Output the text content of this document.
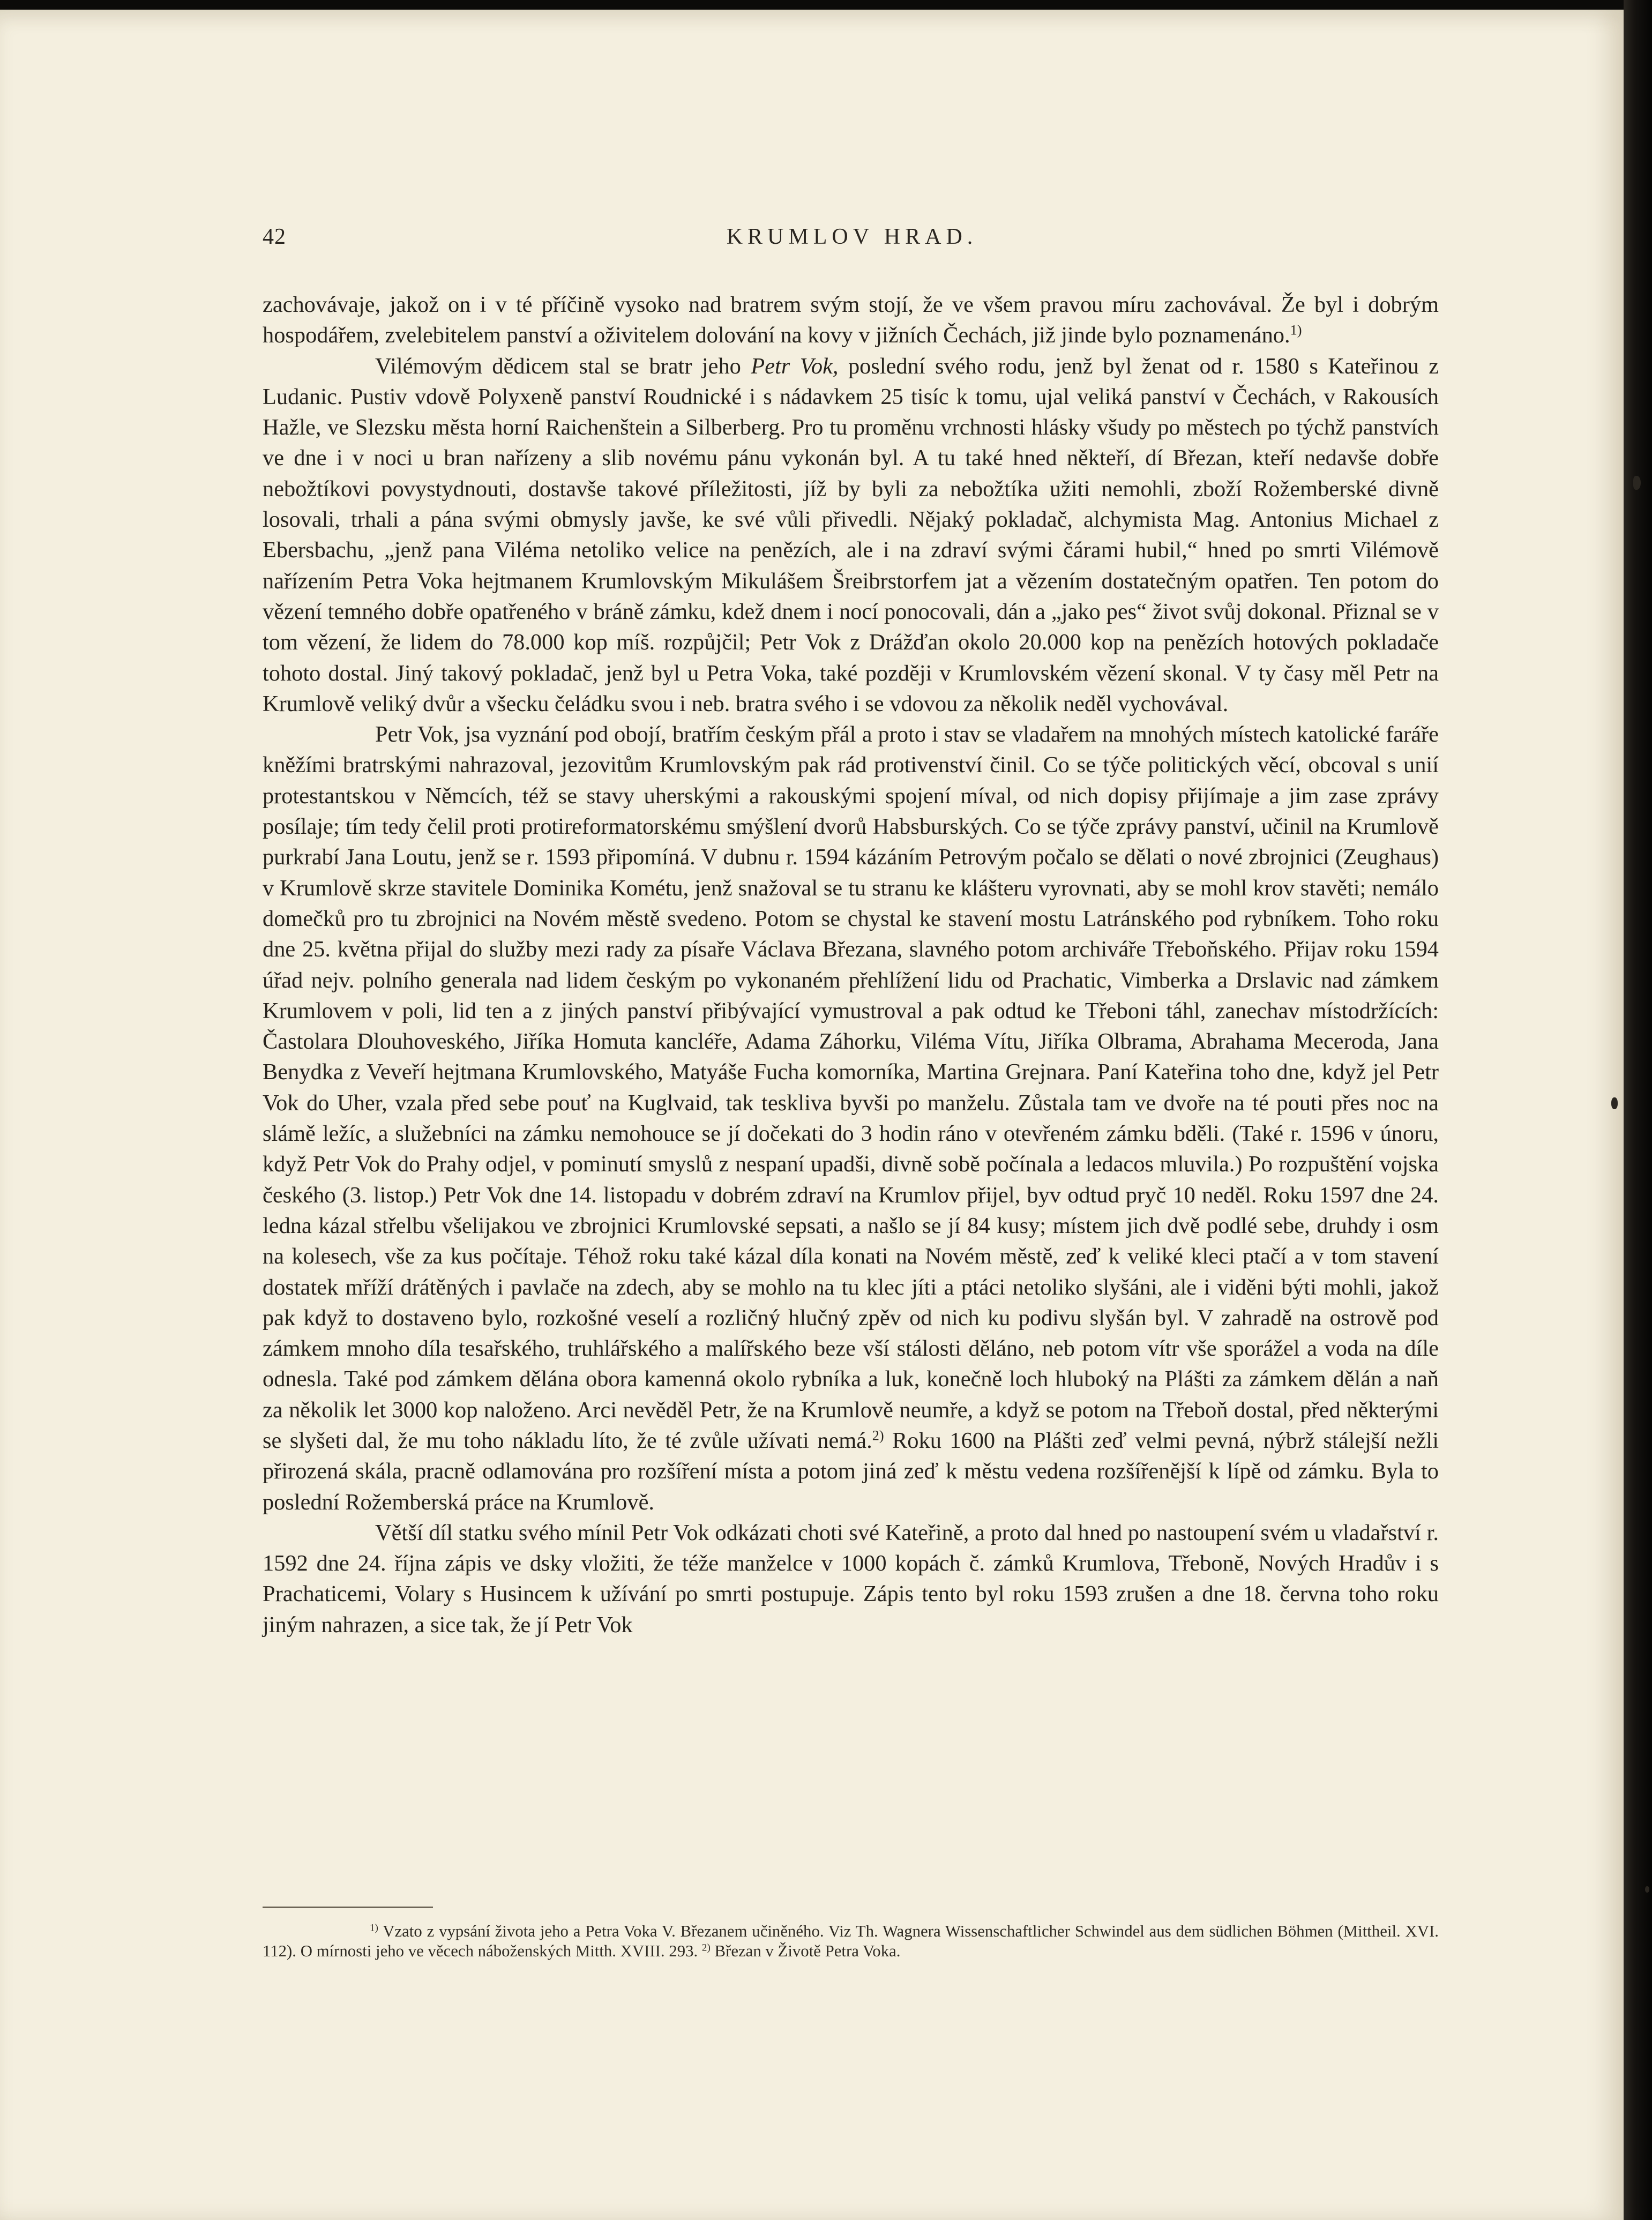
42	KRUMLOV HRAD.

zachovávaje, jakož on i v té příčině vysoko nad bratrem svým stojí, že ve všem pravou míru zachovával. Že byl i dobrým hospodářem, zvelebitelem panství a oživitelem dolování na kovy v jižních Čechách, již jinde bylo poznamenáno.$^{1)}$

Vilémovým dědicem stal se bratr jeho Petr Vok, poslední svého rodu, jenž byl ženat od r. 1580 s Kateřinou z Ludanic. Pustiv vdově Polyxeně panství Roudnické i s nádavkem 25 tisíc k tomu, ujal veliká panství v Čechách, v Rakousích Hažle, ve Slezsku města horní Raichenštein a Silberberg. Pro tu proměnu vrchnosti hlásky všudy po městech po týchž panstvích ve dne i v noci u bran nařízeny a slib novému pánu vykonán byl. A tu také hned někteří, dí Březan, kteří nedavše dobře nebožtíkovi povystydnouti, dostavše takové příležitosti, jíž by byli za nebožtíka užiti nemohli, zboží Rožemberské divně losovali, trhali a pána svými obmysly javše, ke své vůli přivedli. Nějaký pokladač, alchymista Mag. Antonius Michael z Ebersbachu, „jenž pana Viléma netoliko velice na penězích, ale i na zdraví svými čárami hubil,“ hned po smrti Vilémově nařízením Petra Voka hejtmanem Krumlovským Mikulášem Šreibrstorfem jat a vězením dostatečným opatřen. Ten potom do vězení temného dobře opatřeného v bráně zámku, kdež dnem i nocí ponocovali, dán a „jako pes“ život svůj dokonal. Přiznal se v tom vězení, že lidem do 78.000 kop míš. rozpůjčil; Petr Vok z Drážďan okolo 20.000 kop na penězích hotových pokladače tohoto dostal. Jiný takový pokladač, jenž byl u Petra Voka, také později v Krumlovském vězení skonal. V ty časy měl Petr na Krumlově veliký dvůr a všecku čeládku svou i neb. bratra svého i se vdovou za několik neděl vychovával.

Petr Vok, jsa vyznání pod obojí, bratřím českým přál a proto i stav se vladařem na mnohých místech katolické faráře kněžími bratrskými nahrazoval, jezovitům Krumlovským pak rád protivenství činil. Co se týče politických věcí, obcoval s unií protestantskou v Němcích, též se stavy uherskými a rakouskými spojení míval, od nich dopisy přijímaje a jim zase zprávy posílaje; tím tedy čelil proti protireformatorskému smýšlení dvorů Habsburských. Co se týče zprávy panství, učinil na Krumlově purkrabí Jana Loutu, jenž se r. 1593 připomíná. V dubnu r. 1594 kázáním Petrovým počalo se dělati o nové zbrojnici (Zeughaus) v Krumlově skrze stavitele Dominika Kométu, jenž snažoval se tu stranu ke klášteru vyrovnati, aby se mohl krov stavěti; nemálo domečků pro tu zbrojnici na Novém městě svedeno. Potom se chystal ke stavení mostu Latránského pod rybníkem. Toho roku dne 25. května přijal do služby mezi rady za písaře Václava Březana, slavného potom archiváře Třeboňského. Přijav roku 1594 úřad nejv. polního generala nad lidem českým po vykonaném přehlížení lidu od Prachatic, Vimberka a Drslavic nad zámkem Krumlovem v poli, lid ten a z jiných panství přibývající vymustroval a pak odtud ke Třeboni táhl, zanechav místodržících: Častolara Dlouhoveského, Jiříka Homuta kancléře, Adama Záhorku, Viléma Vítu, Jiříka Olbrama, Abrahama Meceroda, Jana Benydka z Veveří hejtmana Krumlovského, Matyáše Fucha komorníka, Martina Grejnara. Paní Kateřina toho dne, když jel Petr Vok do Uher, vzala před sebe pouť na Kuglvaid, tak teskliva byvši po manželu. Zůstala tam ve dvoře na té pouti přes noc na slámě ležíc, a služebníci na zámku nemohouce se jí dočekati do 3 hodin ráno v otevřeném zámku bděli. (Také r. 1596 v únoru, když Petr Vok do Prahy odjel, v pominutí smyslů z nespaní upadši, divně sobě počínala a ledacos mluvila.) Po rozpuštění vojska českého (3. listop.) Petr Vok dne 14. listopadu v dobrém zdraví na Krumlov přijel, byv odtud pryč 10 neděl. Roku 1597 dne 24. ledna kázal střelbu všelijakou ve zbrojnici Krumlovské sepsati, a našlo se jí 84 kusy; místem jich dvě podlé sebe, druhdy i osm na kolesech, vše za kus počítaje. Téhož roku také kázal díla konati na Novém městě, zeď k veliké kleci ptačí a v tom stavení dostatek mříží drátěných i pavlače na zdech, aby se mohlo na tu klec jíti a ptáci netoliko slyšáni, ale i viděni býti mohli, jakož pak když to dostaveno bylo, rozkošné veselí a rozličný hlučný zpěv od nich ku podivu slyšán byl. V zahradě na ostrově pod zámkem mnoho díla tesařského, truhlářského a malířského beze vší stálosti děláno, neb potom vítr vše sporážel a voda na díle odnesla. Také pod zámkem dělána obora kamenná okolo rybníka a luk, konečně loch hluboký na Plášti za zámkem dělán a naň za několik let 3000 kop naloženo. Arci nevěděl Petr, že na Krumlově neumře, a když se potom na Třeboň dostal, před některými se slyšeti dal, že mu toho nákladu líto, že té zvůle užívati nemá.$^{2)}$ Roku 1600 na Plášti zeď velmi pevná, nýbrž stálejší nežli přirozená skála, pracně odlamována pro rozšíření místa a potom jiná zeď k městu vedena rozšířenější k lípě od zámku. Byla to poslední Rožemberská práce na Krumlově.

Větší díl statku svého mínil Petr Vok odkázati choti své Kateřině, a proto dal hned po nastoupení svém u vladařství r. 1592 dne 24. října zápis ve dsky vložiti, že téže manželce v 1000 kopách č. zámků Krumlova, Třeboně, Nových Hradův i s Prachaticemi, Volary s Husincem k užívání po smrti postupuje. Zápis tento byl roku 1593 zrušen a dne 18. června toho roku jiným nahrazen, a sice tak, že jí Petr Vok

$^{1)}$ Vzato z vypsání života jeho a Petra Voka V. Březanem učiněného. Viz Th. Wagnera Wissenschaftlicher Schwindel aus dem südlichen Böhmen (Mittheil. XVI. 112). O mírnosti jeho ve věcech náboženských Mitth. XVIII. 293. $^{2)}$ Březan v Životě Petra Voka.
